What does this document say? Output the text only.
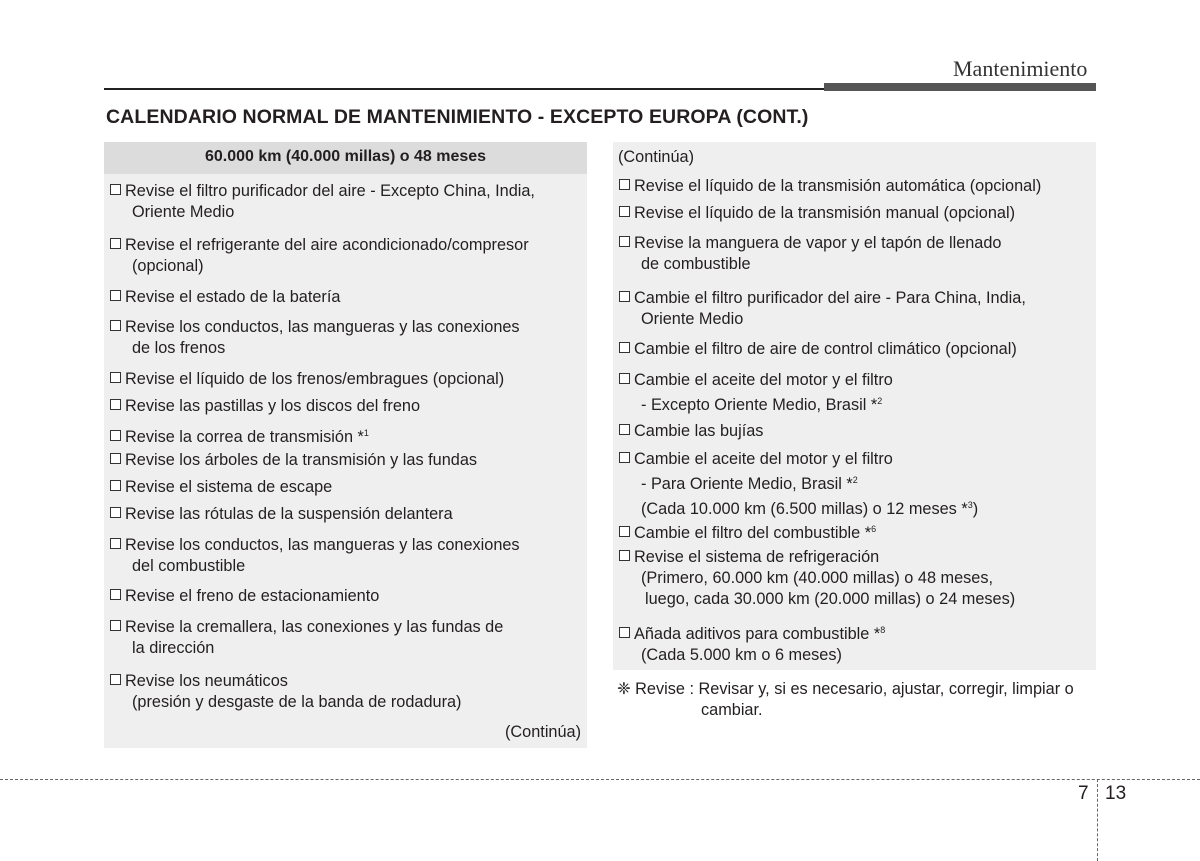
Mantenimiento
CALENDARIO NORMAL DE MANTENIMIENTO - EXCEPTO EUROPA (CONT.)
60.000 km (40.000 millas) o 48 meses
Revise el filtro purificador del aire - Excepto China, India,
Oriente Medio
Revise el refrigerante del aire acondicionado/compresor
(opcional)
Revise el estado de la batería
Revise los conductos, las mangueras y las conexiones
de los frenos
Revise el líquido de los frenos/embragues (opcional)
Revise las pastillas y los discos del freno
Revise la correa de transmisión *$^1$
Revise los árboles de la transmisión y las fundas
Revise el sistema de escape
Revise las rótulas de la suspensión delantera
Revise los conductos, las mangueras y las conexiones
del combustible
Revise el freno de estacionamiento
Revise la cremallera, las conexiones y las fundas de
la dirección
Revise los neumáticos
(presión y desgaste de la banda de rodadura)
(Continúa)
(Continúa)
Revise el líquido de la transmisión automática (opcional)
Revise el líquido de la transmisión manual (opcional)
Revise la manguera de vapor y el tapón de llenado
de combustible
Cambie el filtro purificador del aire - Para China, India,
Oriente Medio
Cambie el filtro de aire de control climático (opcional)
Cambie el aceite del motor y el filtro
- Excepto Oriente Medio, Brasil *$^2$
Cambie las bujías
Cambie el aceite del motor y el filtro
- Para Oriente Medio, Brasil *$^2$
(Cada 10.000 km (6.500 millas) o 12 meses *$^3$)
Cambie el filtro del combustible *$^6$
Revise el sistema de refrigeración
(Primero, 60.000 km (40.000 millas) o 48 meses,
luego, cada 30.000 km (20.000 millas) o 24 meses)
Añada aditivos para combustible *$^8$
(Cada 5.000 km o 6 meses)
❈ Revise : Revisar y, si es necesario, ajustar, corregir, limpiar o
cambiar.
7 13
